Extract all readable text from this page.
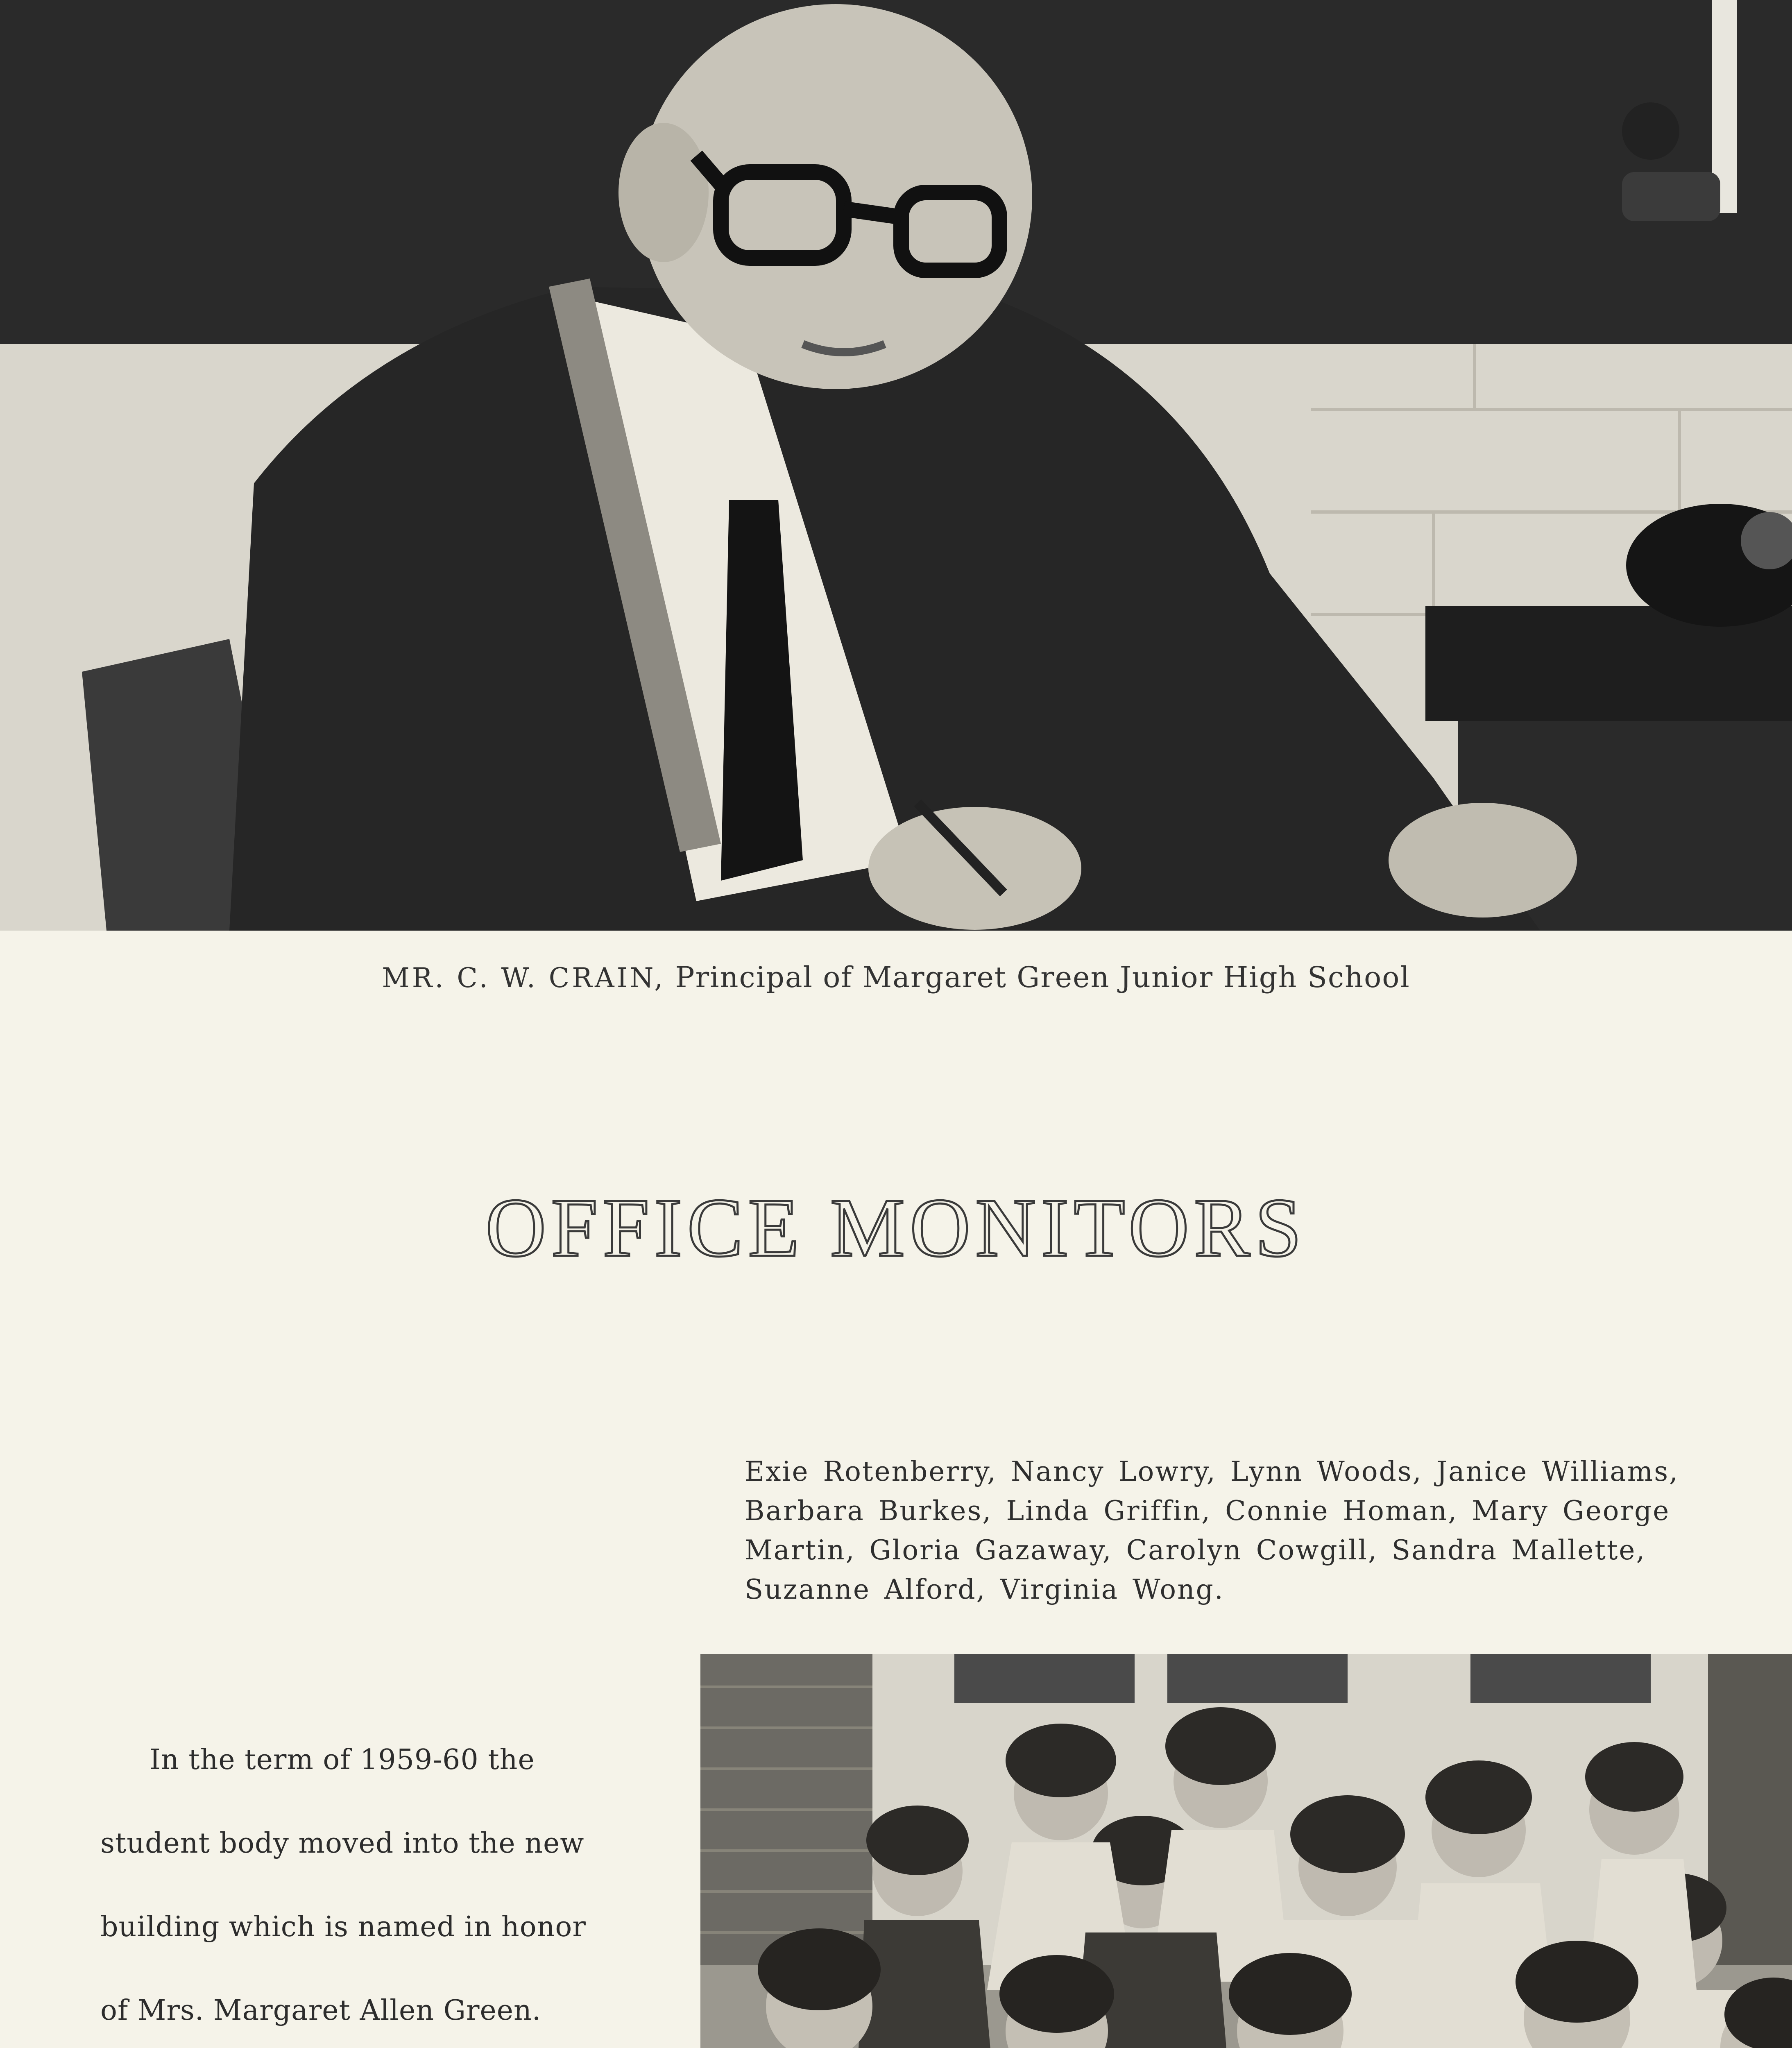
MR. C. W. CRAIN, Principal of Margaret Green Junior High School
OFFICE MONITORS
Exie Rotenberry, Nancy Lowry, Lynn Woods, Janice Williams, Barbara Burkes, Linda Griffin, Connie Homan, Mary George Martin, Gloria Gazaway, Carolyn Cowgill, Sandra Mallette, Suzanne Alford, Virginia Wong.
In the term of 1959-60 the student body moved into the new building which is named in honor of Mrs. Margaret Allen Green.
